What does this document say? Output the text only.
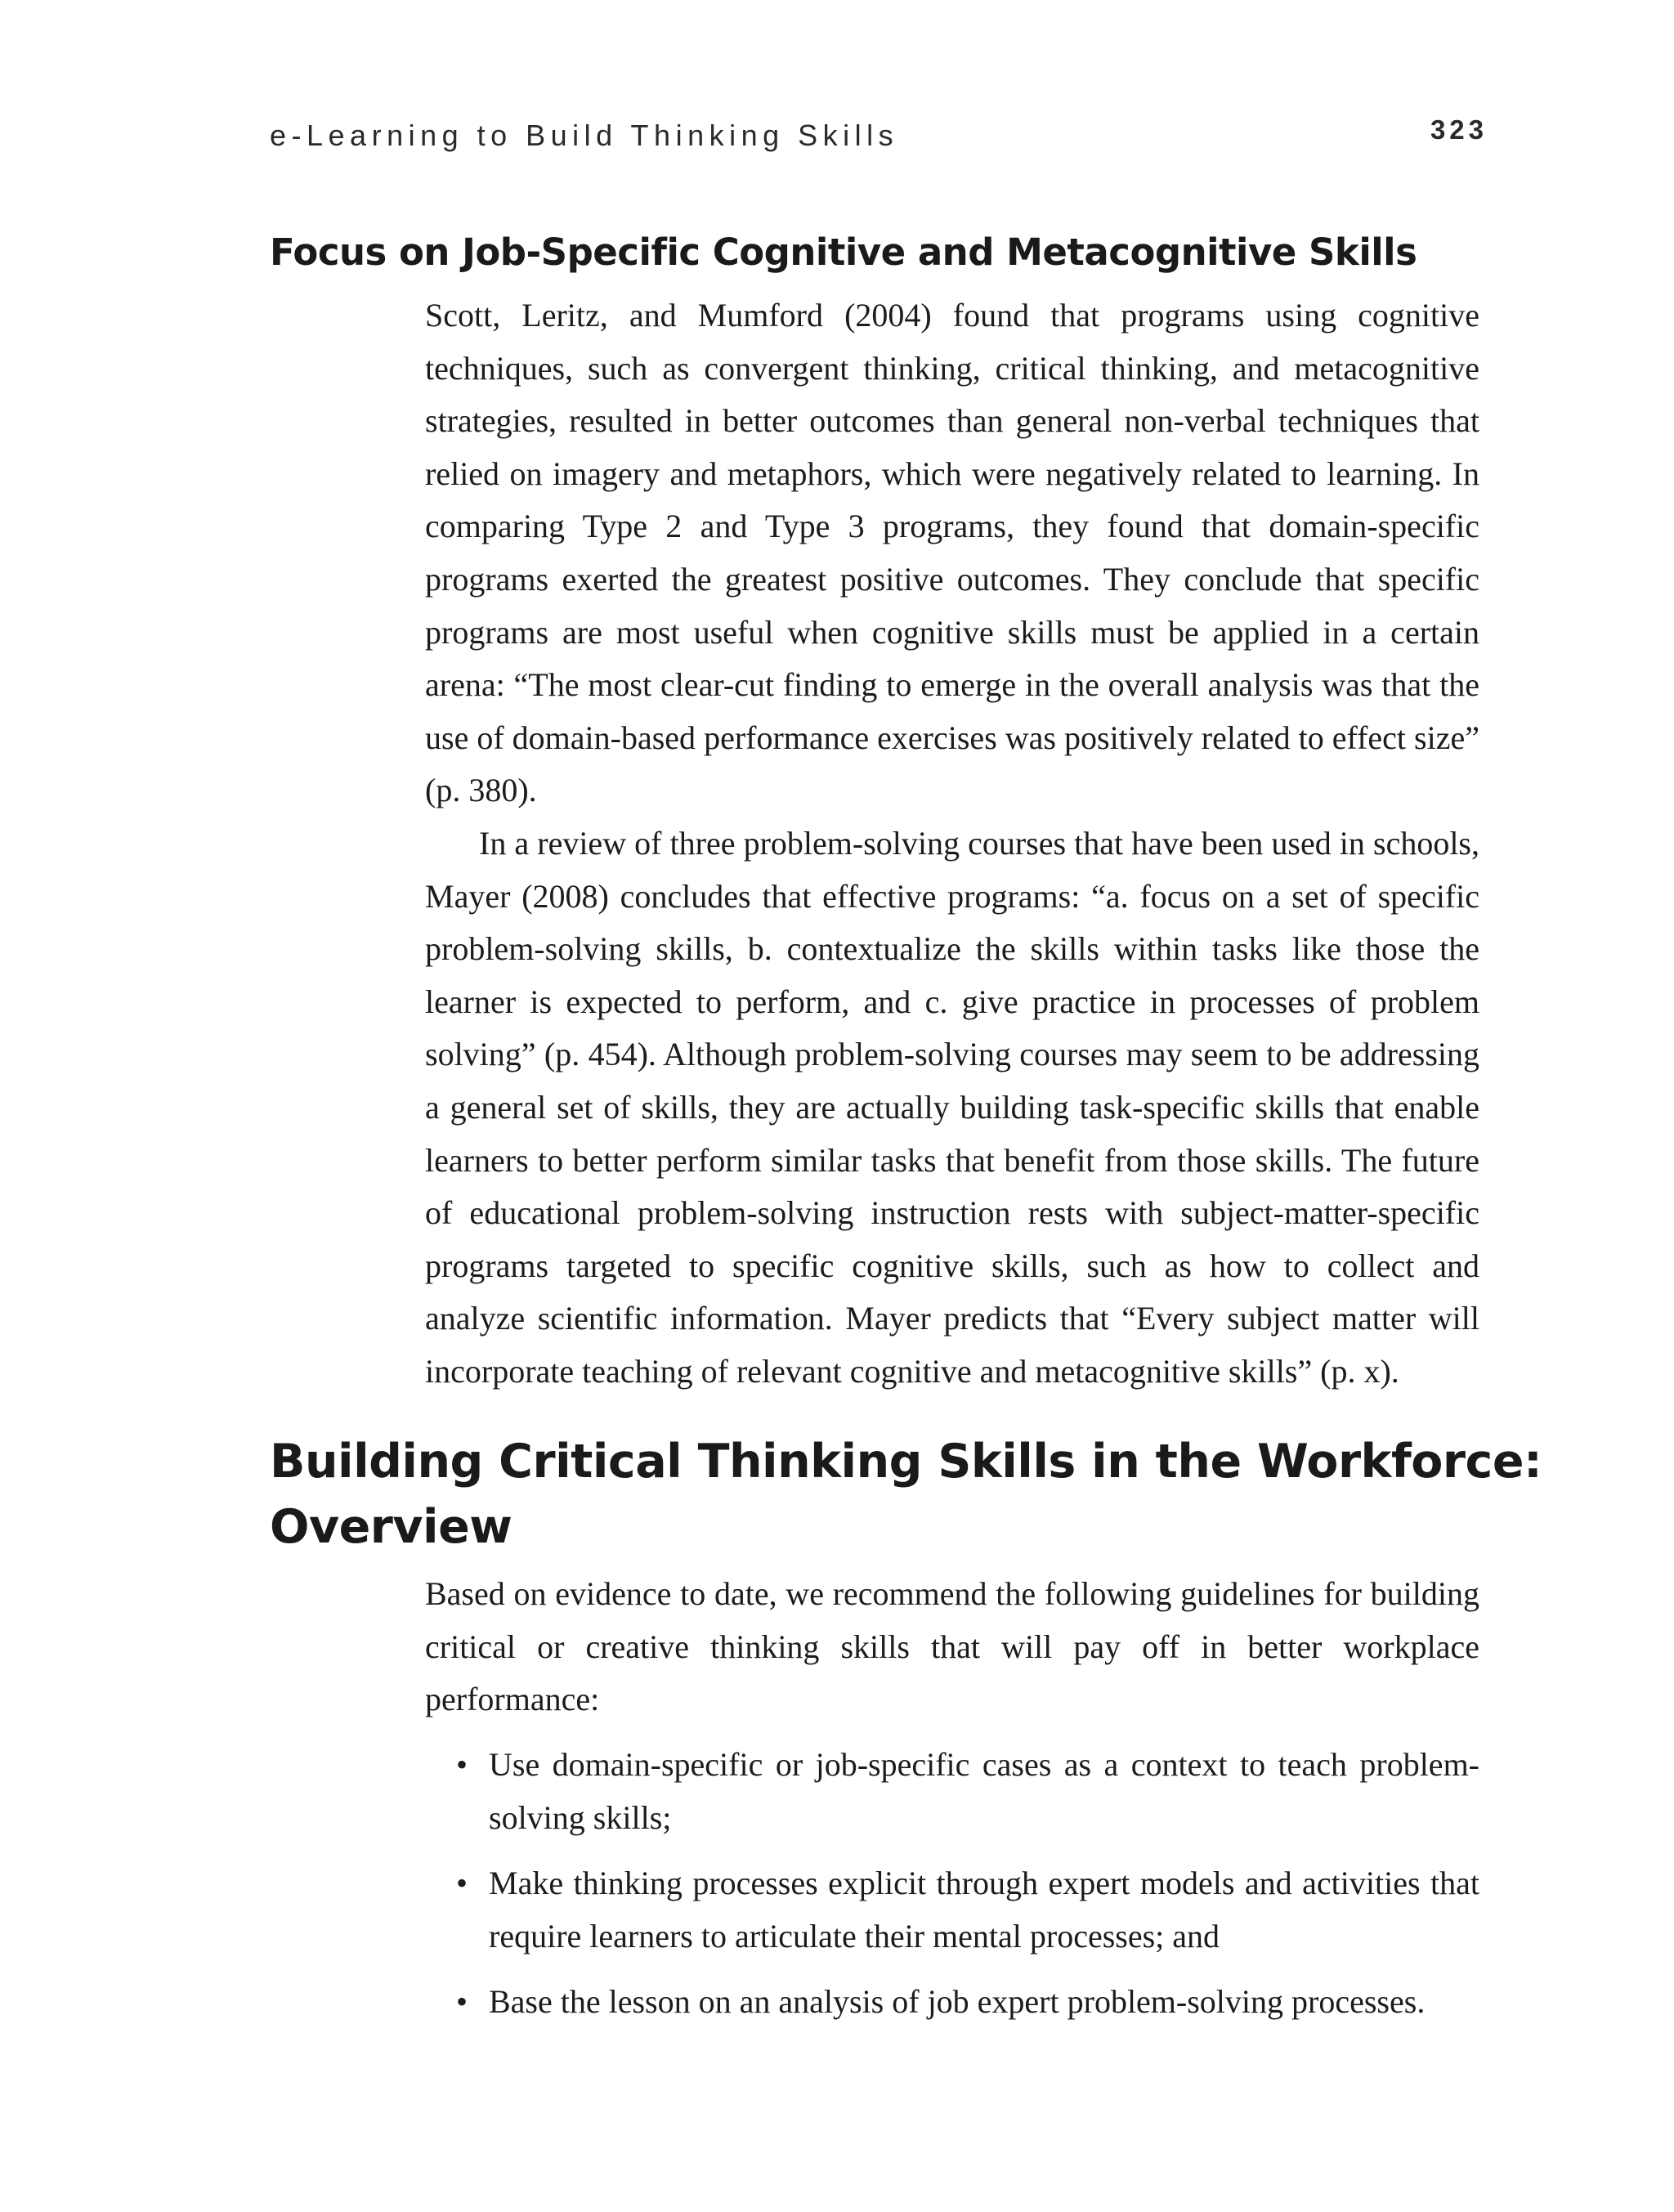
e-Learning to Build Thinking Skills	323
Focus on Job-Specific Cognitive and Metacognitive Skills

Scott, Leritz, and Mumford (2004) found that programs using cognitive techniques, such as convergent thinking, critical thinking, and metacognitive strategies, resulted in better outcomes than general non-verbal techniques that relied on imagery and metaphors, which were negatively related to learning. In comparing Type 2 and Type 3 programs, they found that domain-specific programs exerted the greatest positive outcomes. They conclude that specific programs are most useful when cognitive skills must be applied in a certain arena: “The most clear-cut finding to emerge in the overall analysis was that the use of domain-based performance exercises was positively related to effect size” (p. 380).

In a review of three problem-solving courses that have been used in schools, Mayer (2008) concludes that effective programs: “a. focus on a set of specific problem-solving skills, b. contextualize the skills within tasks like those the learner is expected to perform, and c. give practice in processes of problem solving” (p. 454). Although problem-solving courses may seem to be addressing a general set of skills, they are actually building task-specific skills that enable learners to better perform similar tasks that benefit from those skills. The future of educational problem-solving instruction rests with subject-matter-specific programs targeted to specific cognitive skills, such as how to collect and analyze scientific information. Mayer predicts that “Every subject matter will incorporate teaching of relevant cognitive and metacognitive skills” (p. x).

Building Critical Thinking Skills in the Workforce: Overview

Based on evidence to date, we recommend the following guidelines for building critical or creative thinking skills that will pay off in better workplace performance:

• Use domain-specific or job-specific cases as a context to teach problem-solving skills;
• Make thinking processes explicit through expert models and activities that require learners to articulate their mental processes; and
• Base the lesson on an analysis of job expert problem-solving processes.
